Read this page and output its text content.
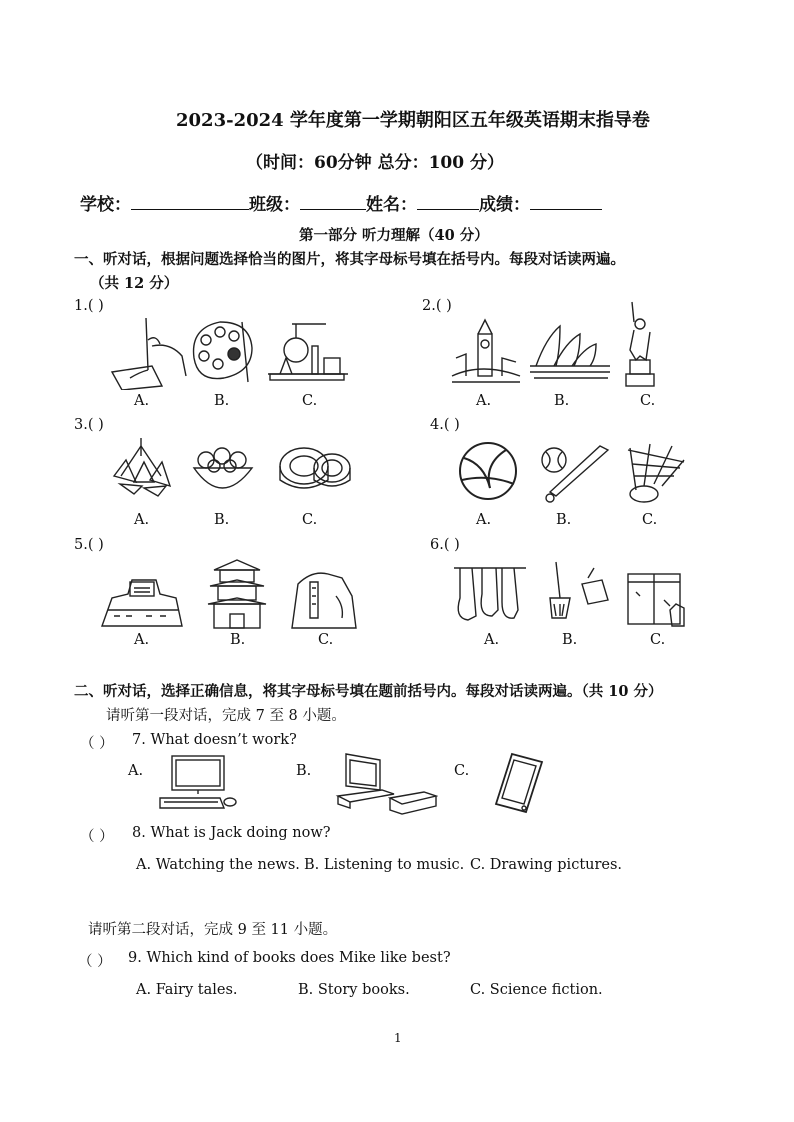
2023-2024 学年度第一学期朝阳区五年级英语期末指导卷
（时间：60分钟 总分：100 分）
学校：	班级：	姓名：	成绩：
第一部分 听力理解（40 分）
一、听对话，根据问题选择恰当的图片，将其字母标号填在括号内。每段对话读两遍。
（共 12 分）
1.( )
A.	B.	C.
2.( )
A.	B.	C.
3.( )
A.	B.	C.
4.( )
A.	B.	C.
5.( )
A.	B.	C.
6.( )
A.	B.	C.
二、听对话，选择正确信息，将其字母标号填在题前括号内。每段对话读两遍。（共 10 分）
请听第一段对话，完成 7 至 8 小题。
（ ） 7. What doesn’t work?
A.	B.	C.
（ ） 8. What is Jack doing now?
A. Watching the news. B. Listening to music. C. Drawing pictures.
请听第二段对话，完成 9 至 11 小题。
（ ） 9. Which kind of books does Mike like best?
A. Fairy tales.	B. Story books.	C. Science fiction.
1
